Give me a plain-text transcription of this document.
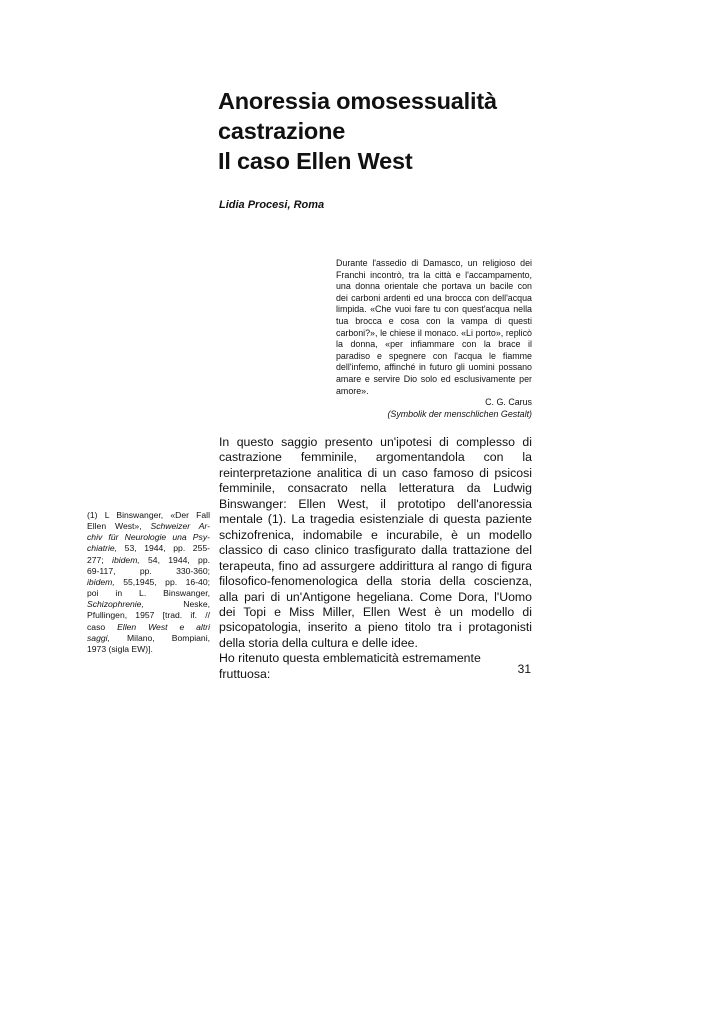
Anoressia omosessualità
castrazione
Il caso Ellen West
Lidia Procesi, Roma

Durante l'assedio di Damasco, un religioso dei Franchi incontrò, tra la città e l'accampamento, una donna orientale che portava un bacile con dei carboni ardenti ed una brocca con dell'acqua limpida. «Che vuoi fare tu con quest'acqua nella tua brocca e cosa con la vampa di questi carboni?», le chiese il monaco. «Li porto», replicò la donna, «per infiammare con la brace il paradiso e spegnere con l'acqua le fiamme dell'infemo, affinché in futuro gli uomini possano amare e servire Dio solo ed esclusivamente per amore».

C. G. Carus

(Symbolik der menschlichen Gestalt)

In questo saggio presento un'ipotesi di complesso di castrazione femminile, argomentandola con la reinterpretazione analitica di un caso famoso di psicosi femminile, consacrato nella letteratura da Ludwig Binswanger: Ellen West, il prototipo dell'anoressia mentale (1). La tragedia esistenziale di questa paziente schizofrenica, indomabile e incurabile, è un modello classico di caso clinico trasfigurato dalla trattazione del terapeuta, fino ad assurgere addirittura al rango di figura filosofico-fenomenologica della storia della coscienza, alla pari di un'Antigone hegeliana. Come Dora, l'Uomo dei Topi e Miss Miller, Ellen West è un modello di psicopatologia, inserito a pieno titolo tra i protagonisti della storia della cultura e delle idee.

Ho ritenuto questa emblematicità estremamente fruttuosa:

(1) L Binswanger, «Der Fall
Ellen West», Schweizer Ar-
chiv für Neurologie una Psy-
chiatrie, 53, 1944, pp. 255-
277; ibidem, 54, 1944, pp.
69-117, pp. 330-360;
ibidem, 55,1945, pp. 16-40;
poi in L. Binswanger,
Schizophrenie, Neske,
Pfullingen, 1957 [trad. if. //
caso Ellen West e altri
saggi, Milano, Bompiani,
1973 (sigla EW)].
31
